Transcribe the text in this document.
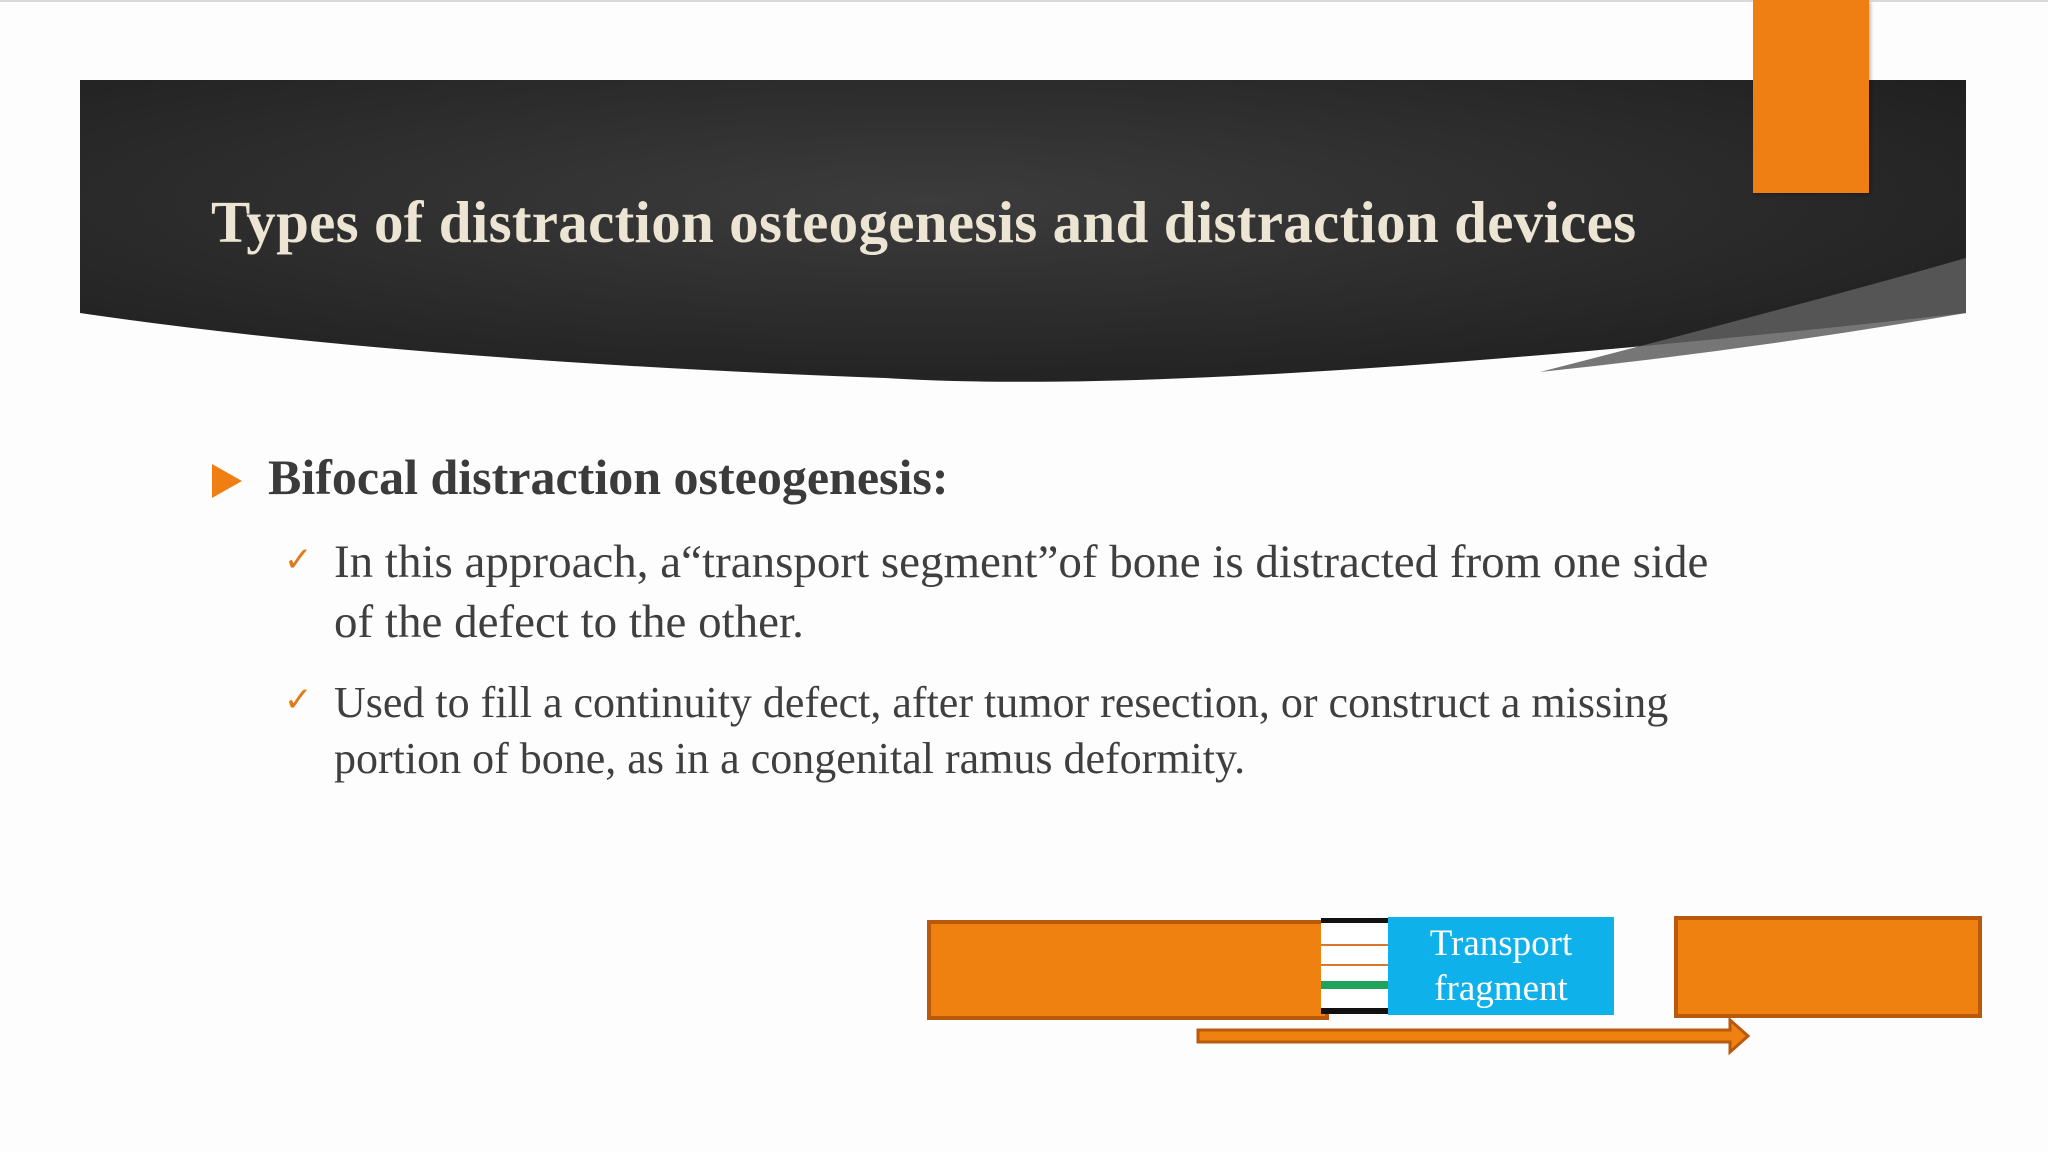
Types of distraction osteogenesis and distraction devices
Bifocal distraction osteogenesis:
✓ In this approach, a“transport segment”of bone is distracted from one side of the defect to the other.
✓ Used to fill a continuity defect, after tumor resection, or construct a missing portion of bone, as in a congenital ramus deformity.
Transport
fragment
